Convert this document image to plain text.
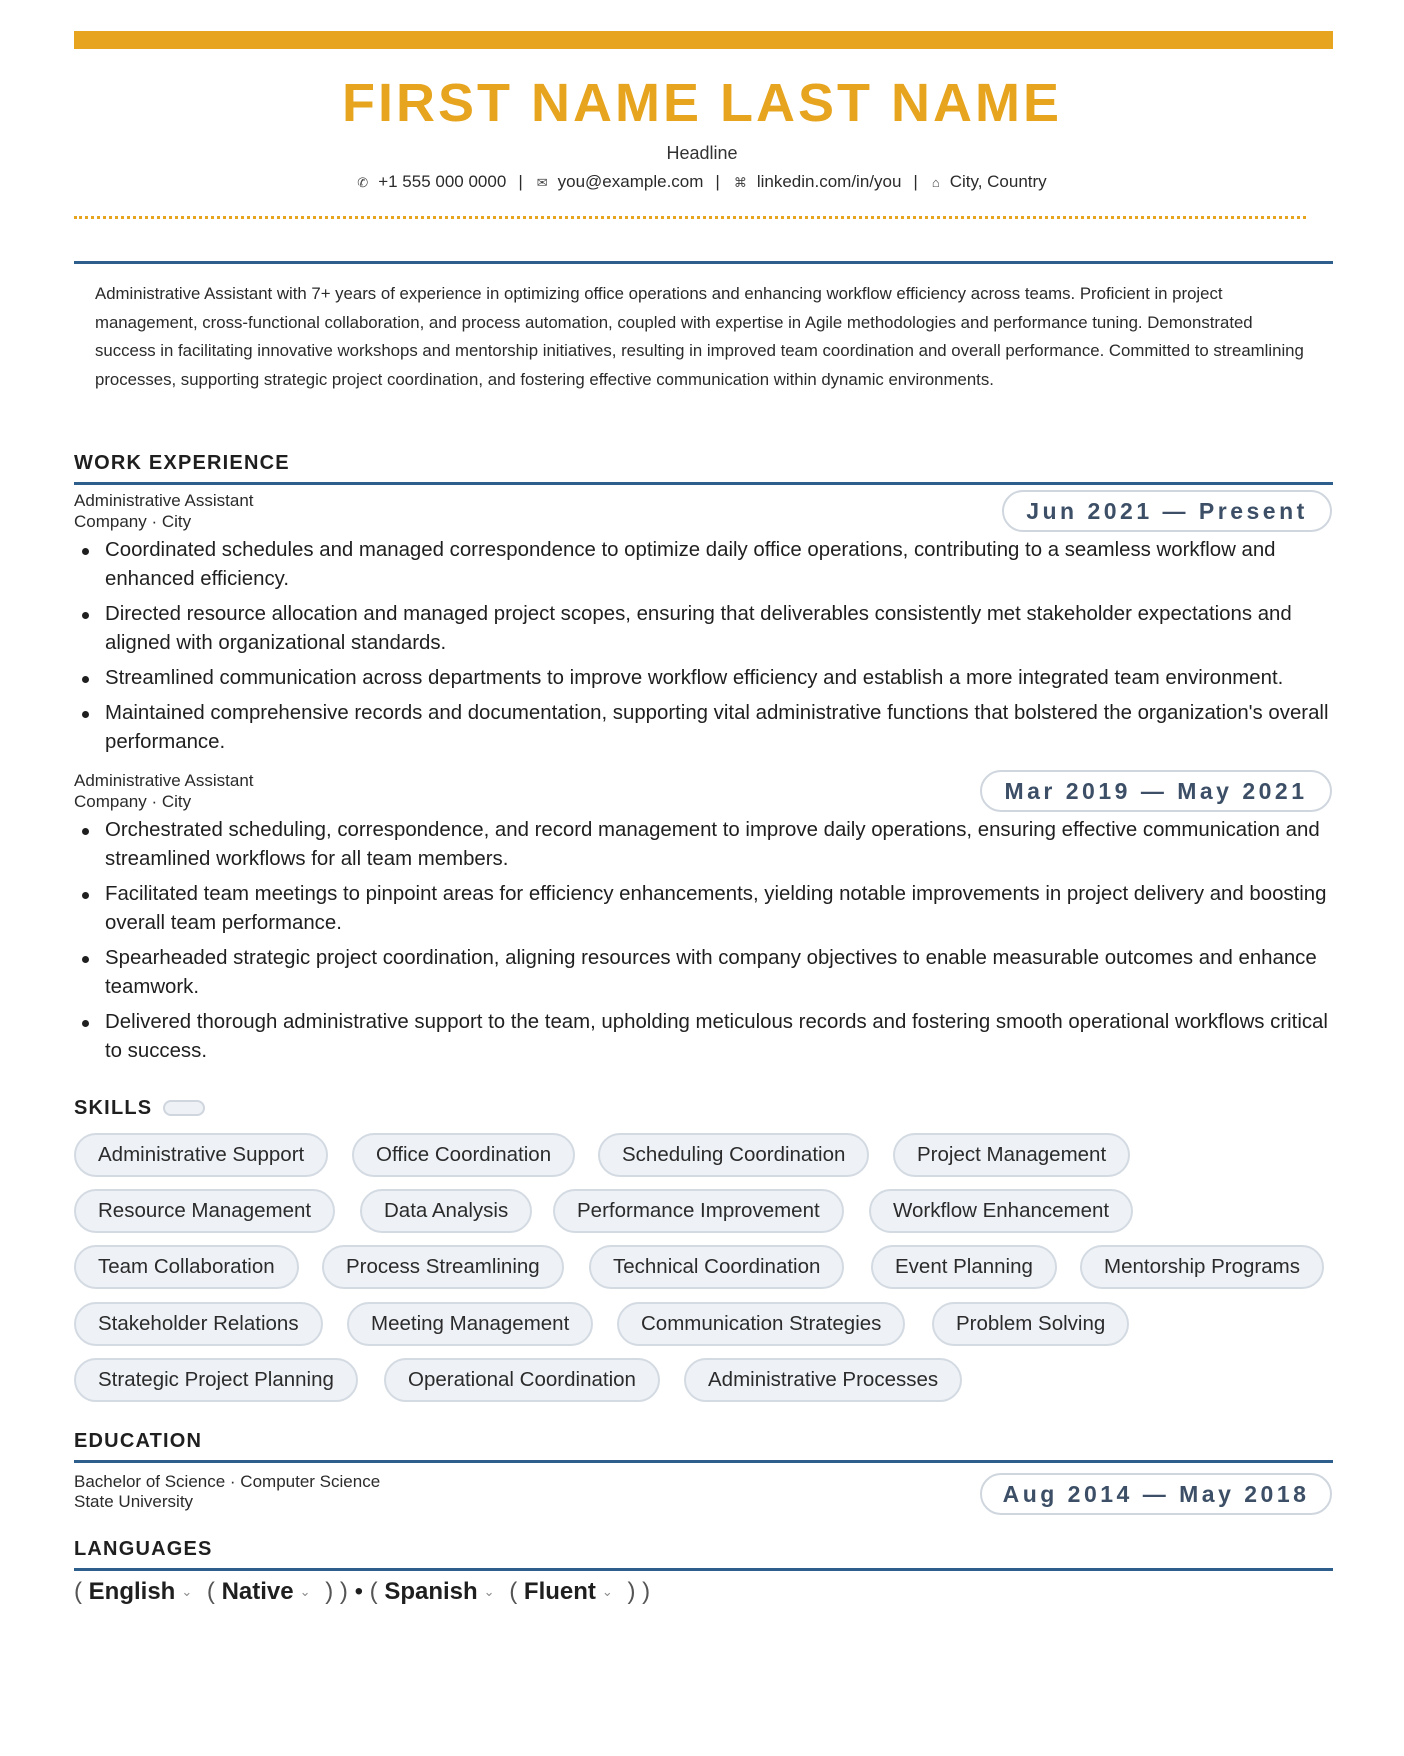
FIRST NAME LAST NAME
Headline
✆ +1 555 000 0000 | ✉ you@example.com | ⌘ linkedin.com/in/you | ⌂ City, Country
Administrative Assistant with 7+ years of experience in optimizing office operations and enhancing workflow efficiency across teams. Proficient in project management, cross-functional collaboration, and process automation, coupled with expertise in Agile methodologies and performance tuning. Demonstrated success in facilitating innovative workshops and mentorship initiatives, resulting in improved team coordination and overall performance. Committed to streamlining processes, supporting strategic project coordination, and fostering effective communication within dynamic environments.
WORK EXPERIENCE
Administrative Assistant
Company · City	Jun 2021 — Present
Coordinated schedules and managed correspondence to optimize daily office operations, contributing to a seamless workflow and enhanced efficiency.
Directed resource allocation and managed project scopes, ensuring that deliverables consistently met stakeholder expectations and aligned with organizational standards.
Streamlined communication across departments to improve workflow efficiency and establish a more integrated team environment.
Maintained comprehensive records and documentation, supporting vital administrative functions that bolstered the organization's overall performance.
Administrative Assistant
Company · City	Mar 2019 — May 2021
Orchestrated scheduling, correspondence, and record management to improve daily operations, ensuring effective communication and streamlined workflows for all team members.
Facilitated team meetings to pinpoint areas for efficiency enhancements, yielding notable improvements in project delivery and boosting overall team performance.
Spearheaded strategic project coordination, aligning resources with company objectives to enable measurable outcomes and enhance teamwork.
Delivered thorough administrative support to the team, upholding meticulous records and fostering smooth operational workflows critical to success.
SKILLS
Administrative Support	Office Coordination	Scheduling Coordination	Project Management
Resource Management	Data Analysis	Performance Improvement	Workflow Enhancement
Team Collaboration	Process Streamlining	Technical Coordination	Event Planning	Mentorship Programs
Stakeholder Relations	Meeting Management	Communication Strategies	Problem Solving
Strategic Project Planning	Operational Coordination	Administrative Processes
EDUCATION
Bachelor of Science · Computer Science
State University	Aug 2014 — May 2018
LANGUAGES
( English ⌄ ( Native ⌄ ) ) • ( Spanish ⌄ ( Fluent ⌄ ) )
